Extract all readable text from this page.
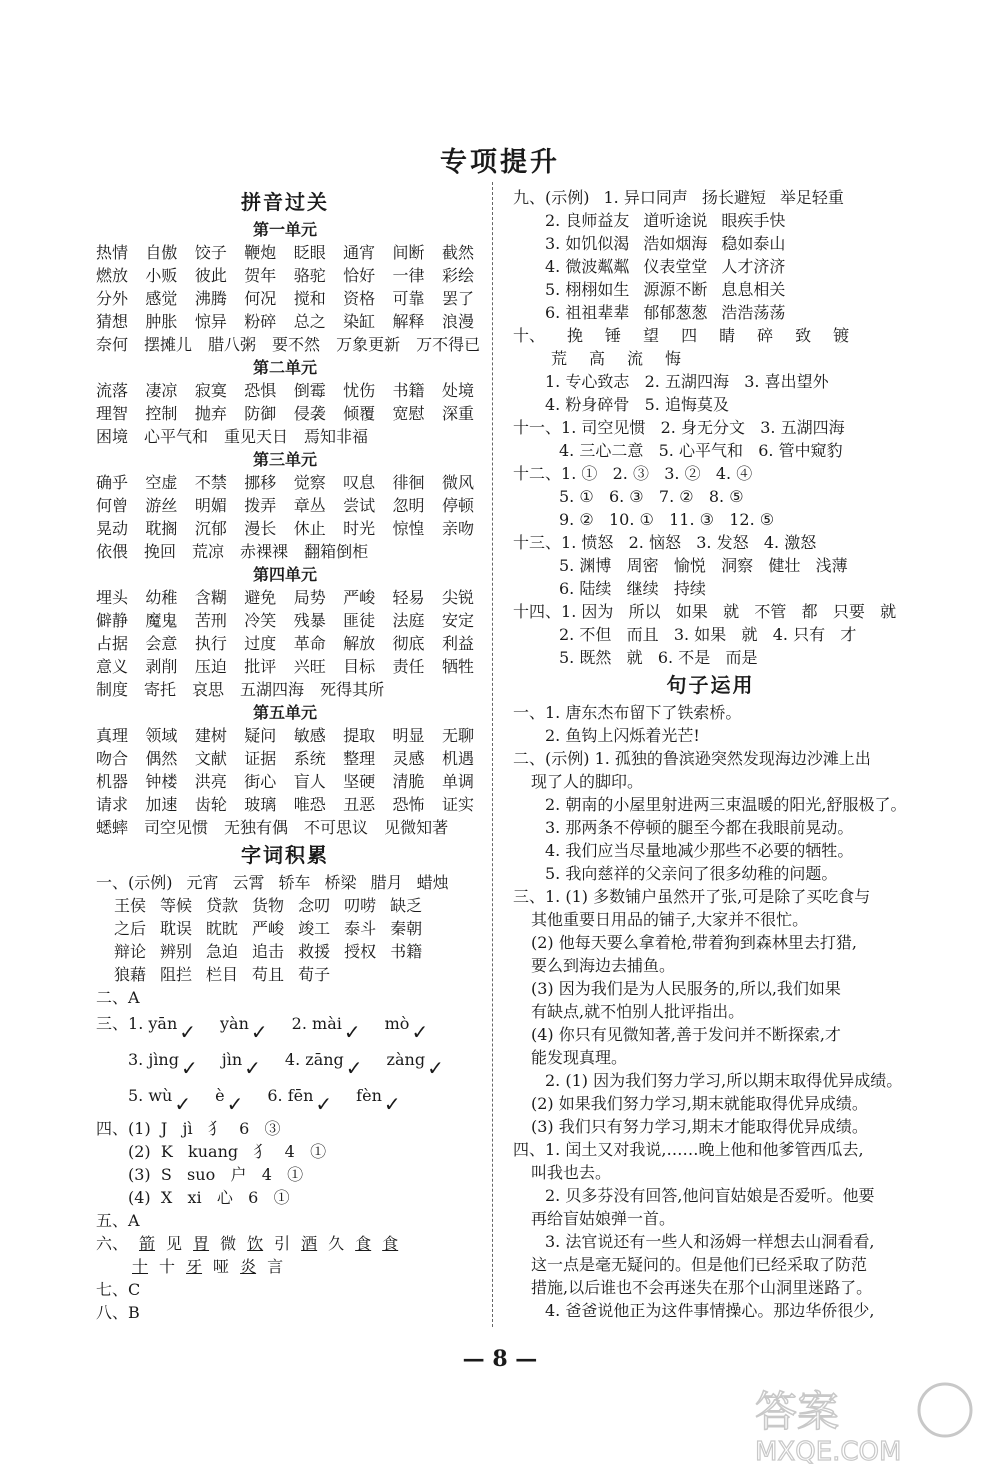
专项提升
拼音过关
第一单元
热情 自傲 饺子 鞭炮 眨眼 通宵 间断 截然
燃放 小贩 彼此 贺年 骆驼 恰好 一律 彩绘
分外 感觉 沸腾 何况 搅和 资格 可靠 罢了
猜想 肿胀 惊异 粉碎 总之 染缸 解释 浪漫
奈何 摆摊儿 腊八粥 要不然 万象更新 万不得已
第二单元
流落 凄凉 寂寞 恐惧 倒霉 忧伤 书籍 处境
理智 控制 抛弃 防御 侵袭 倾覆 宽慰 深重
困境 心平气和 重见天日 焉知非福
第三单元
确乎 空虚 不禁 挪移 觉察 叹息 徘徊 微风
何曾 游丝 明媚 拨弄 章丛 尝试 忽明 停顿
晃动 耽搁 沉郁 漫长 休止 时光 惊惶 亲吻
依偎 挽回 荒凉 赤裸裸 翻箱倒柜
第四单元
埋头 幼稚 含糊 避免 局势 严峻 轻易 尖锐
僻静 魔鬼 苦刑 冷笑 残暴 匪徒 法庭 安定
占据 会意 执行 过度 革命 解放 彻底 利益
意义 剥削 压迫 批评 兴旺 目标 责任 牺牲
制度 寄托 哀思 五湖四海 死得其所
第五单元
真理 领域 建树 疑问 敏感 提取 明显 无聊
吻合 偶然 文献 证据 系统 整理 灵感 机遇
机器 钟楼 洪亮 街心 盲人 坚硬 清脆 单调
请求 加速 齿轮 玻璃 唯恐 丑恶 恐怖 证实
蟋蟀 司空见惯 无独有偶 不可思议 见微知著
字词积累
一、(示例) 元宵 云霄 轿车 桥梁 腊月 蜡烛
王侯 等候 贷款 货物 念叨 叨唠 缺乏
之后 耽误 眈眈 严峻 竣工 泰斗 秦朝
辩论 辨别 急迫 追击 救援 授权 书籍
狼藉 阻拦 栏目 苟且 荀子
二、A
三、1. yān ✓ yàn ✓ 2. mài ✓ mò ✓
3. jìng ✓ jìn ✓ 4. zāng ✓ zàng ✓
5. wù ✓ è ✓ 6. fēn ✓ fèn ✓
四、(1)  J   jì   犭   6   ③
(2)  K   kuang   犭   4   ①
(3)  S   suo   户   4   ①
(4)  X   xi   心   6   ①
五、A
六、 箭 见 胃 微 饮 引 酒 久 食 食
十 十 牙 哑 炎 言
七、C
八、B
九、(示例) 1. 异口同声 扬长避短 举足轻重
2. 良师益友 道听途说 眼疾手快
3. 如饥似渴 浩如烟海 稳如泰山
4. 微波粼粼 仪表堂堂 人才济济
5. 栩栩如生 源源不断 息息相关
6. 祖祖辈辈 郁郁葱葱 浩浩荡荡
十、 挽 锤 望 四 睛 碎 致 镀
荒 高 流 悔
1. 专心致志   2. 五湖四海   3. 喜出望外
4. 粉身碎骨   5. 追悔莫及
十一、1. 司空见惯   2. 身无分文   3. 五湖四海
4. 三心二意   5. 心平气和   6. 管中窥豹
十二、1. ①   2. ③   3. ②   4. ④
5. ①   6. ③   7. ②   8. ⑤
9. ②   10. ①   11. ③   12. ⑤
十三、1. 愤怒   2. 恼怒   3. 发怒   4. 激怒
5. 渊博   周密   愉悦   洞察   健壮   浅薄
6. 陆续   继续   持续
十四、1. 因为   所以   如果   就   不管   都   只要   就
2. 不但   而且   3. 如果   就   4. 只有   才
5. 既然   就   6. 不是   而是
句子运用
一、1. 唐东杰布留下了铁索桥。
2. 鱼钩上闪烁着光芒!
二、(示例) 1. 孤独的鲁滨逊突然发现海边沙滩上出
现了人的脚印。
2. 朝南的小屋里射进两三束温暖的阳光,舒服极了。
3. 那两条不停顿的腿至今都在我眼前晃动。
4. 我们应当尽量地减少那些不必要的牺牲。
5. 我向慈祥的父亲问了很多幼稚的问题。
三、1. (1) 多数铺户虽然开了张,可是除了买吃食与
其他重要日用品的铺子,大家并不很忙。
(2) 他每天要么拿着枪,带着狗到森林里去打猎,
要么到海边去捕鱼。
(3) 因为我们是为人民服务的,所以,我们如果
有缺点,就不怕别人批评指出。
(4) 你只有见微知著,善于发问并不断探索,才
能发现真理。
2. (1) 因为我们努力学习,所以期末取得优异成绩。
(2) 如果我们努力学习,期末就能取得优异成绩。
(3) 我们只有努力学习,期末才能取得优异成绩。
四、1. 闰土又对我说,……晚上他和他爹管西瓜去,
叫我也去。
2. 贝多芬没有回答,他问盲姑娘是否爱听。他要
再给盲姑娘弹一首。
3. 法官说还有一些人和汤姆一样想去山洞看看,
这一点是毫无疑问的。但是他们已经采取了防范
措施,以后谁也不会再迷失在那个山洞里迷路了。
4. 爸爸说他正为这件事情操心。那边华侨很少,
— 8 —
答案
MXQE.COM
